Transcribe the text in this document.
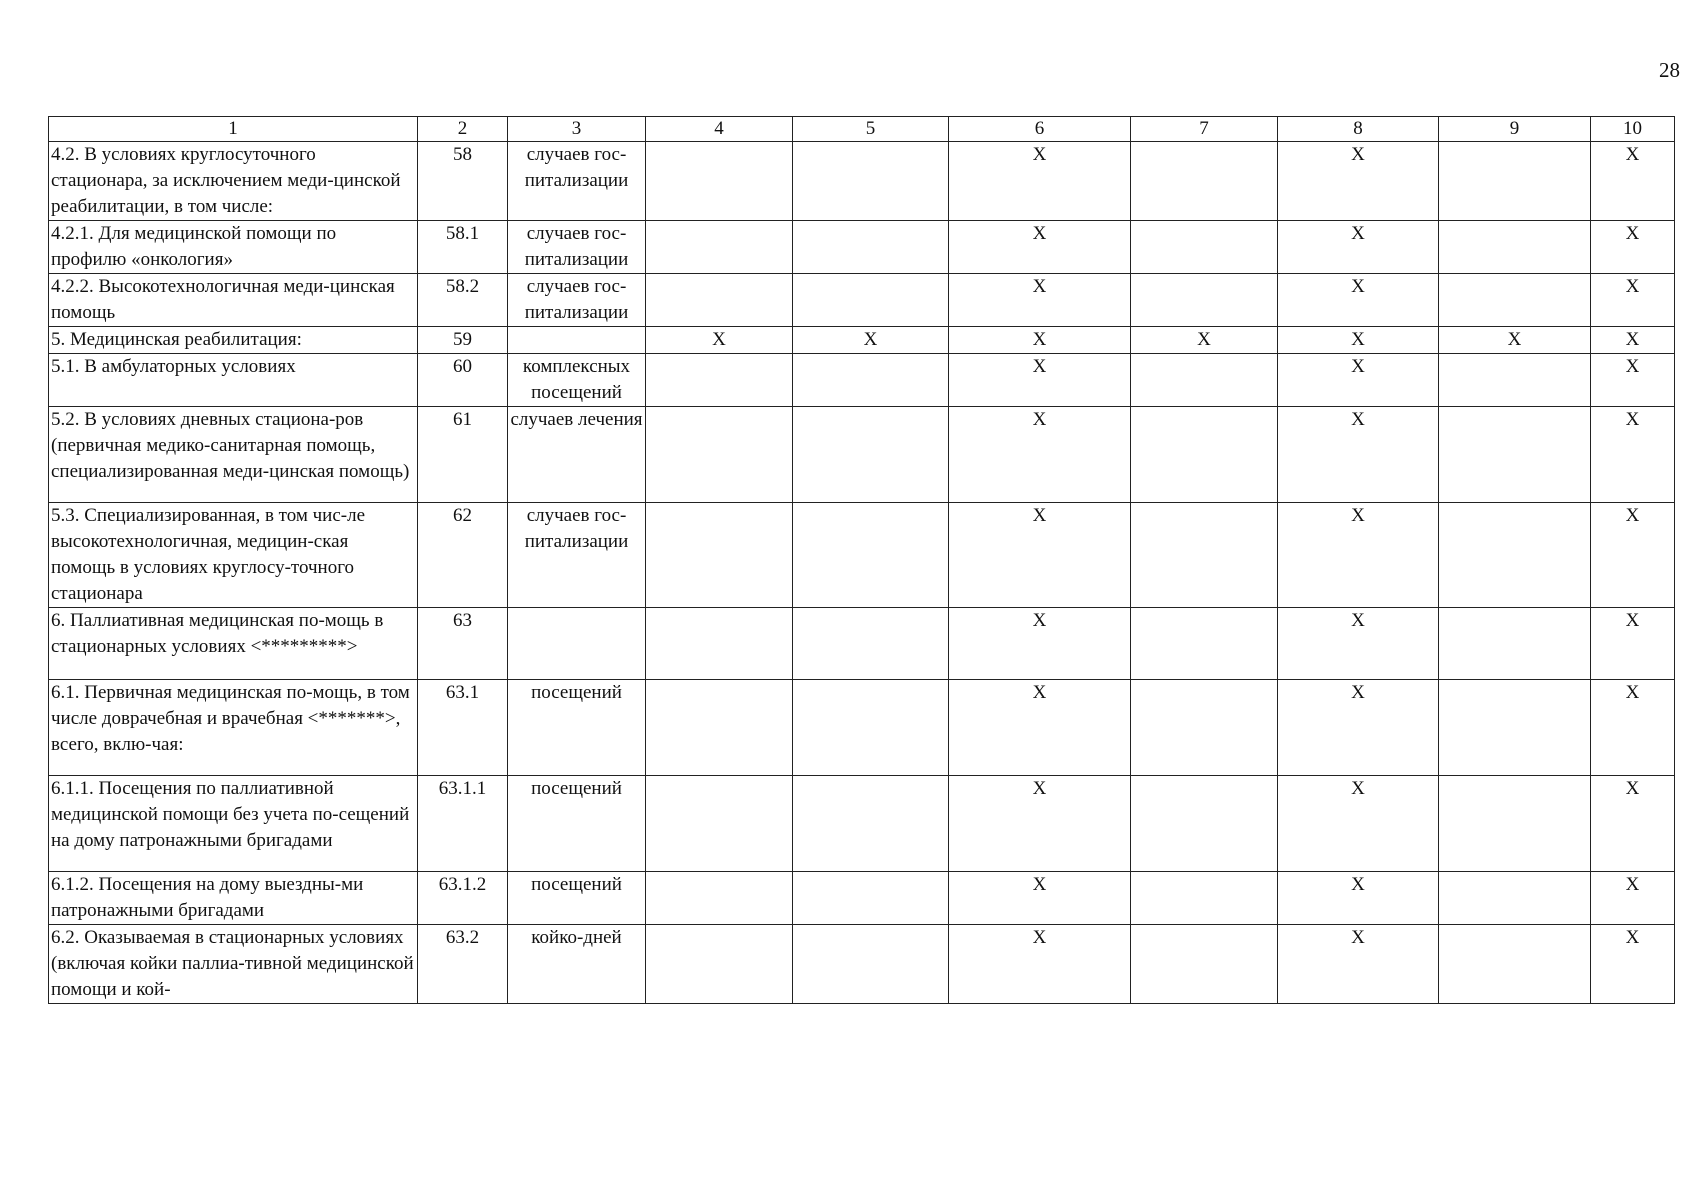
28
1	2	3	4	5	6	7	8	9	10
4.2. В условиях круглосуточного стационара, за исключением меди-цинской реабилитации, в том числе:	58	случаев гос-питализации			X		X		X
4.2.1. Для медицинской помощи по профилю «онкология»	58.1	случаев гос-питализации			X		X		X
4.2.2. Высокотехнологичная меди-цинская помощь	58.2	случаев гос-питализации			X		X		X
5. Медицинская реабилитация:	59		X	X	X	X	X	X	X
5.1. В амбулаторных условиях	60	комплексных посещений			X		X		X
5.2. В условиях дневных стациона-ров (первичная медико-санитарная помощь, специализированная меди-цинская помощь)	61	случаев лечения			X		X		X
5.3. Специализированная, в том чис-ле высокотехнологичная, медицин-ская помощь в условиях круглосу-точного стационара	62	случаев гос-питализации			X		X		X
6. Паллиативная медицинская по-мощь в стационарных условиях <*********>	63				X		X		X
6.1. Первичная медицинская по-мощь, в том числе доврачебная и врачебная <*******>, всего, вклю-чая:	63.1	посещений			X		X		X
6.1.1. Посещения по паллиативной медицинской помощи без учета по-сещений на дому патронажными бригадами	63.1.1	посещений			X		X		X
6.1.2. Посещения на дому выездны-ми патронажными бригадами	63.1.2	посещений			X		X		X
6.2. Оказываемая в стационарных условиях (включая койки паллиа-тивной медицинской помощи и кой-	63.2	койко-дней			X		X		X
